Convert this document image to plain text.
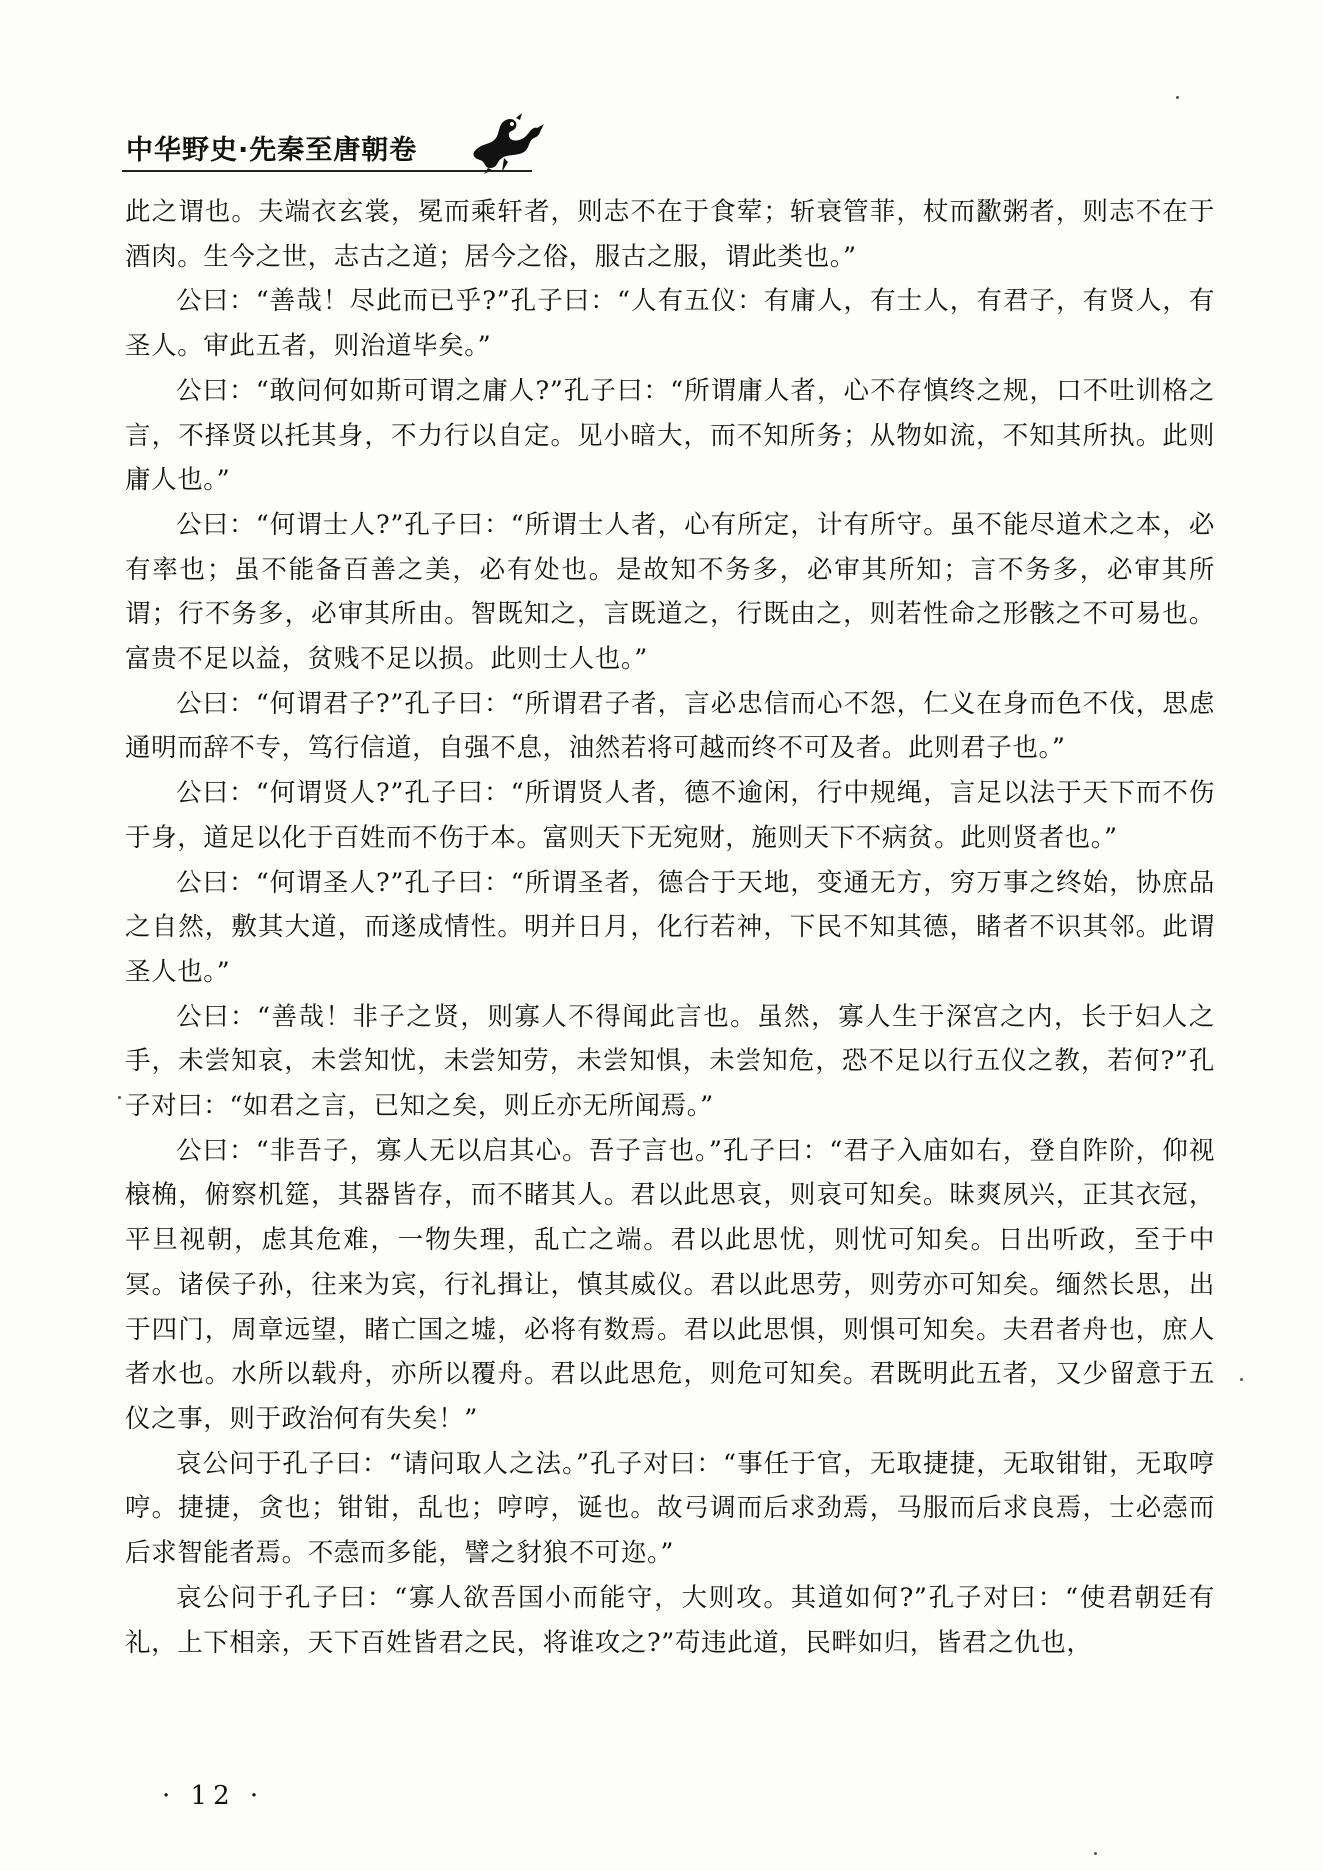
中华野史·先秦至唐朝卷

此之谓也。夫端衣玄裳，冕而乘轩者，则志不在于食荤；斩衰管菲，杖而歠粥者，则志不在于酒肉。生今之世，志古之道；居今之俗，服古之服，谓此类也。”

公曰：“善哉！尽此而已乎?”孔子曰：“人有五仪：有庸人，有士人，有君子，有贤人，有圣人。审此五者，则治道毕矣。”

公曰：“敢问何如斯可谓之庸人?”孔子曰：“所谓庸人者，心不存慎终之规，口不吐训格之言，不择贤以托其身，不力行以自定。见小暗大，而不知所务；从物如流，不知其所执。此则庸人也。”

公曰：“何谓士人?”孔子曰：“所谓士人者，心有所定，计有所守。虽不能尽道术之本，必有率也；虽不能备百善之美，必有处也。是故知不务多，必审其所知；言不务多，必审其所谓；行不务多，必审其所由。智既知之，言既道之，行既由之，则若性命之形骸之不可易也。富贵不足以益，贫贱不足以损。此则士人也。”

公曰：“何谓君子?”孔子曰：“所谓君子者，言必忠信而心不怨，仁义在身而色不伐，思虑通明而辞不专，笃行信道，自强不息，油然若将可越而终不可及者。此则君子也。”

公曰：“何谓贤人?”孔子曰：“所谓贤人者，德不逾闲，行中规绳，言足以法于天下而不伤于身，道足以化于百姓而不伤于本。富则天下无宛财，施则天下不病贫。此则贤者也。”

公曰：“何谓圣人?”孔子曰：“所谓圣者，德合于天地，变通无方，穷万事之终始，协庶品之自然，敷其大道，而遂成情性。明并日月，化行若神，下民不知其德，睹者不识其邻。此谓圣人也。”

公曰：“善哉！非子之贤，则寡人不得闻此言也。虽然，寡人生于深宫之内，长于妇人之手，未尝知哀，未尝知忧，未尝知劳，未尝知惧，未尝知危，恐不足以行五仪之教，若何?”孔子对曰：“如君之言，已知之矣，则丘亦无所闻焉。”

公曰：“非吾子，寡人无以启其心。吾子言也。”孔子曰：“君子入庙如右，登自阼阶，仰视榱桷，俯察机筵，其器皆存，而不睹其人。君以此思哀，则哀可知矣。昧爽夙兴，正其衣冠，平旦视朝，虑其危难，一物失理，乱亡之端。君以此思忧，则忧可知矣。日出听政，至于中冥。诸侯子孙，往来为宾，行礼揖让，慎其威仪。君以此思劳，则劳亦可知矣。缅然长思，出于四门，周章远望，睹亡国之墟，必将有数焉。君以此思惧，则惧可知矣。夫君者舟也，庶人者水也。水所以载舟，亦所以覆舟。君以此思危，则危可知矣。君既明此五者，又少留意于五仪之事，则于政治何有失矣！”

哀公问于孔子曰：“请问取人之法。”孔子对曰：“事任于官，无取捷捷，无取钳钳，无取哼哼。捷捷，贪也；钳钳，乱也；哼哼，诞也。故弓调而后求劲焉，马服而后求良焉，士必悫而后求智能者焉。不悫而多能，譬之豺狼不可迩。”

哀公问于孔子曰：“寡人欲吾国小而能守，大则攻。其道如何?”孔子对曰：“使君朝廷有礼，上下相亲，天下百姓皆君之民，将谁攻之?”苟违此道，民畔如归，皆君之仇也，

· 12 ·
